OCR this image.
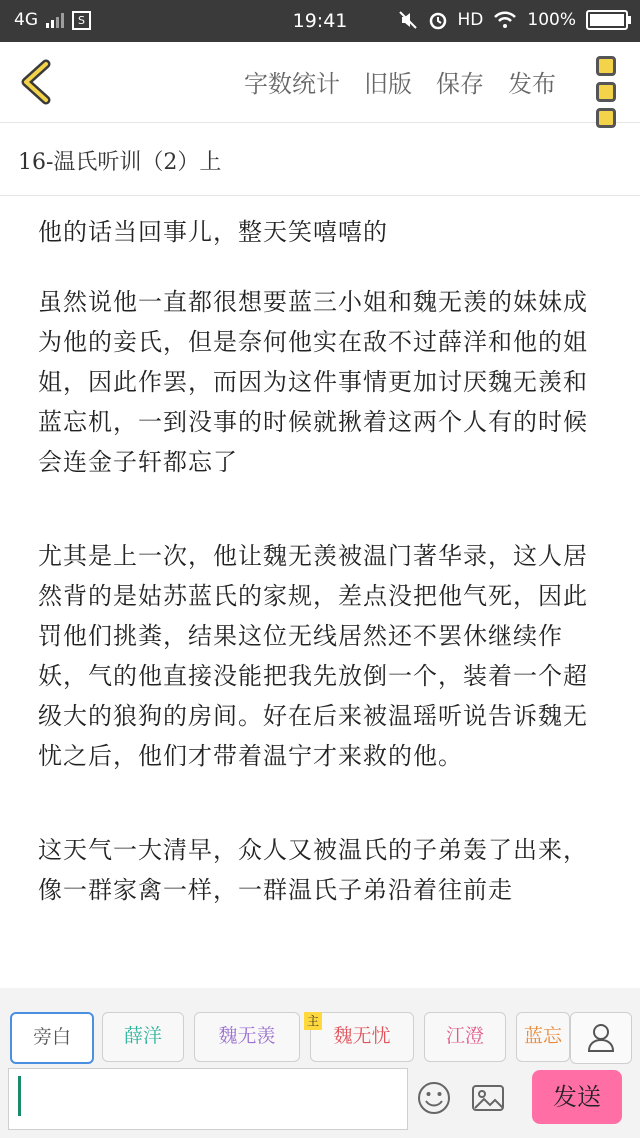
4G	S	19:41	HD	100%
字数统计 旧版 保存 发布
16-温氏听训（2）上
他的话当回事儿，整天笑嘻嘻的
虽然说他一直都很想要蓝三小姐和魏无羡的妹妹成为他的妾氏，但是奈何他实在敌不过薛洋和他的姐姐，因此作罢，而因为这件事情更加讨厌魏无羡和蓝忘机，一到没事的时候就揪着这两个人有的时候会连金子轩都忘了
尤其是上一次，他让魏无羡被温门著华录，这人居然背的是姑苏蓝氏的家规，差点没把他气死，因此罚他们挑粪，结果这位无线居然还不罢休继续作妖，气的他直接没能把我先放倒一个，装着一个超级大的狼狗的房间。好在后来被温瑶听说告诉魏无忧之后，他们才带着温宁才来救的他。
这天气一大清早，众人又被温氏的子弟轰了出来，像一群家禽一样，一群温氏子弟沿着往前走
旁白	薛洋	魏无羡	魏无忧	江澄	蓝忘
主
发送
